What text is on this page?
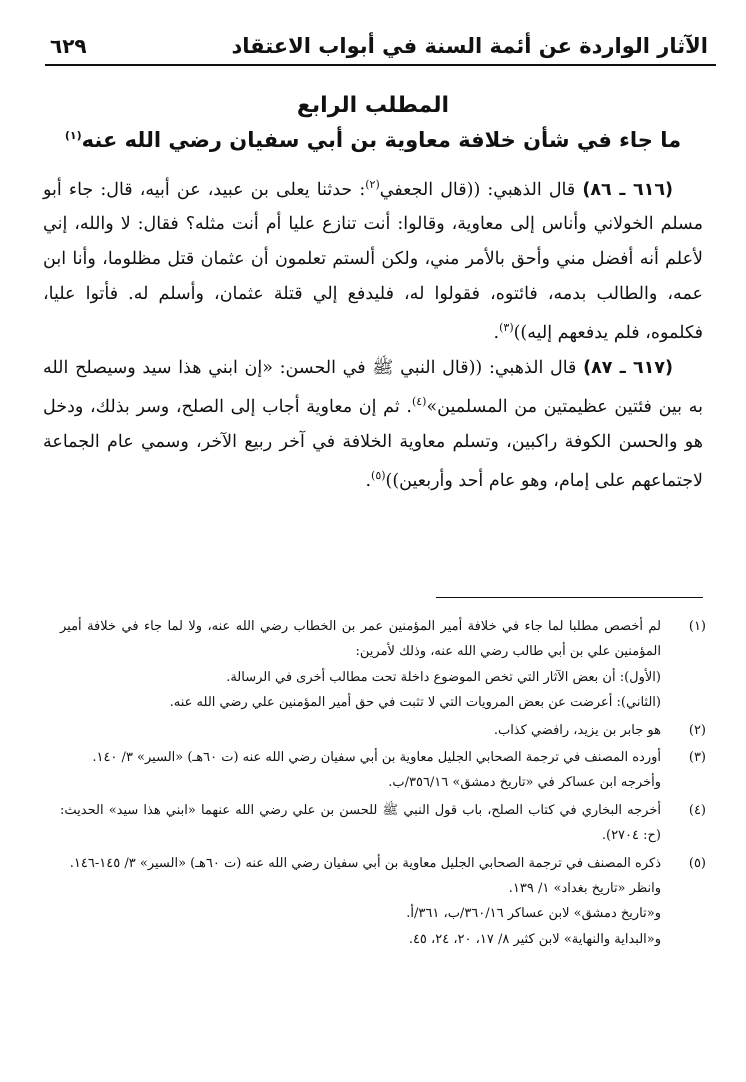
الآثار الواردة عن أئمة السنة في أبواب الاعتقاد
٦٢٩
المطلب الرابع
ما جاء في شأن خلافة معاوية بن أبي سفيان رضي الله عنه$^{(١)}$

(٦١٦ ـ ٨٦) قال الذهبي: ((قال الجعفي$^{(٢)}$: حدثنا يعلى بن عبيد، عن أبيه، قال: جاء أبو مسلم الخولاني وأناس إلى معاوية، وقالوا: أنت تنازع عليا أم أنت مثله؟ فقال: لا والله، إني لأعلم أنه أفضل مني وأحق بالأمر مني، ولكن ألستم تعلمون أن عثمان قتل مظلوما، وأنا ابن عمه، والطالب بدمه، فائتوه، فقولوا له، فليدفع إلي قتلة عثمان، وأسلم له. فأتوا عليا، فكلموه، فلم يدفعهم إليه))$^{(٣)}$.

(٦١٧ ـ ٨٧) قال الذهبي: ((قال النبي ﷺ في الحسن: «إن ابني هذا سيد وسيصلح الله به بين فئتين عظيمتين من المسلمين»$^{(٤)}$. ثم إن معاوية أجاب إلى الصلح، وسر بذلك، ودخل هو والحسن الكوفة راكبين، وتسلم معاوية الخلافة في آخر ربيع الآخر، وسمي عام الجماعة لاجتماعهم على إمام، وهو عام أحد وأربعين))$^{(٥)}$.

(١)
لم أخصص مطلبا لما جاء في خلافة أمير المؤمنين عمر بن الخطاب رضي الله عنه، ولا لما جاء في خلافة أمير المؤمنين علي بن أبي طالب رضي الله عنه، وذلك لأمرين:
(الأول): أن بعض الآثار التي تخص الموضوع داخلة تحت مطالب أخرى في الرسالة.
(الثاني): أعرضت عن بعض المرويات التي لا تثبت في حق أمير المؤمنين علي رضي الله عنه.
(٢)
هو جابر بن يزيد، رافضي كذاب.
(٣)
أورده المصنف في ترجمة الصحابي الجليل معاوية بن أبي سفيان رضي الله عنه (ت ٦٠هـ) «السير» ٣/ ١٤٠.
وأخرجه ابن عساكر في «تاريخ دمشق» ٣٥٦/١٦/ب.
(٤)
أخرجه البخاري في كتاب الصلح، باب قول النبي ﷺ للحسن بن علي رضي الله عنهما «ابني هذا سيد» الحديث: (ح: ٢٧٠٤).
(٥)
ذكره المصنف في ترجمة الصحابي الجليل معاوية بن أبي سفيان رضي الله عنه (ت ٦٠هـ) «السير» ٣/ ١٤٥-١٤٦.
وانظر «تاريخ بغداد» ١/ ١٣٩.
و«تاريخ دمشق» لابن عساكر ٣٦٠/١٦/ب، ٣٦١/أ.
و«البداية والنهاية» لابن كثير ٨/ ١٧، ٢٠، ٢٤، ٤٥.
